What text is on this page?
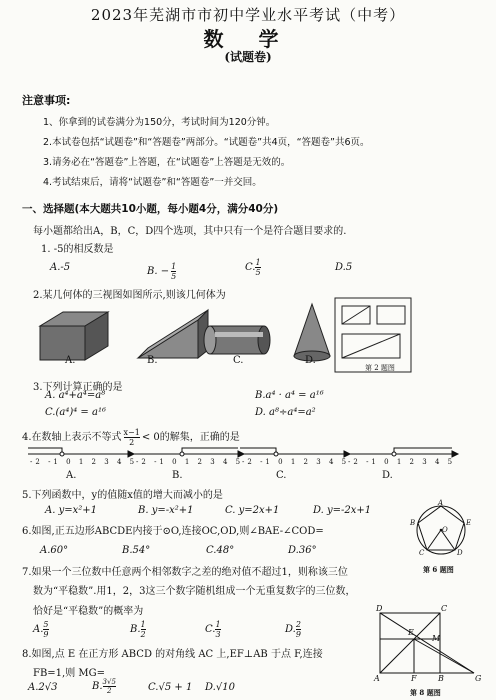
2023年芜湖市市初中学业水平考试（中考）
数 学
(试题卷)
注意事项:
1、你拿到的试卷满分为150分，考试时间为120分钟。
2.本试卷包括“试题卷”和“答题卷”两部分。“试题卷”共4页，“答题卷”共6页。
3.请务必在“答题卷”上答题，在“试题卷”上答题是无效的。
4.考试结束后，请将“试题卷”和“答题卷”一并交回。
一、选择题(本大题共10小题，每小题4分，满分40分)
每小题都给出A，B，C，D四个选项，其中只有一个是符合题目要求的.
1. -5的相反数是
A.-5	B. − $\frac{1}{5}$	C. $\frac{1}{5}$	D.5
2.某几何体的三视图如图所示,则该几何体为
A.	B.	C.	D.
第 2 题图
3.下列计算正确的是
A. a⁴+a⁴=a⁸	B.a⁴ · a⁴ = a¹⁶
C.(a⁴)⁴ = a¹⁶	D. a⁸÷a⁴=a²
4.在数轴上表示不等式 $\frac{x-1}{2} < 0$的解集，正确的是
-2 -1 0 1 2 3 4 5
-2 -1 0 1 2 3 4 5
-2 -1 0 1 2 3 4 5
-2 -1 0 1 2 3 4 5
A.	B.	C.	D.
5.下列函数中，y的值随x值的增大而减小的是
A. y=x²+1	B. y=-x²+1	C. y=2x+1	D. y=-2x+1
6.如图,正五边形ABCDE内接于⊙O,连接OC,OD,则∠BAE-∠COD=
A.60°	B.54°	C.48°	D.36°
A
B
C	D
E
O
第 6 题图
7.如果一个三位数中任意两个相邻数字之差的绝对值不超过1，则称该三位
数为“平稳数”.用1，2，3这三个数字随机组成一个无重复数字的三位数，
恰好是“平稳数”的概率为
A. $\frac{5}{9}$	B. $\frac{1}{2}$	C. $\frac{1}{3}$	D. $\frac{2}{9}$
8.如图,点 E 在正方形 ABCD 的对角线 AC 上,EF⊥AB 于点 F,连接
FB=1,则 MG=
A.2√3	B. $\frac{3√5}{2}$	C.√5 + 1 D.√10
D	C
E
M
A	F	B	G
第 8 题图
